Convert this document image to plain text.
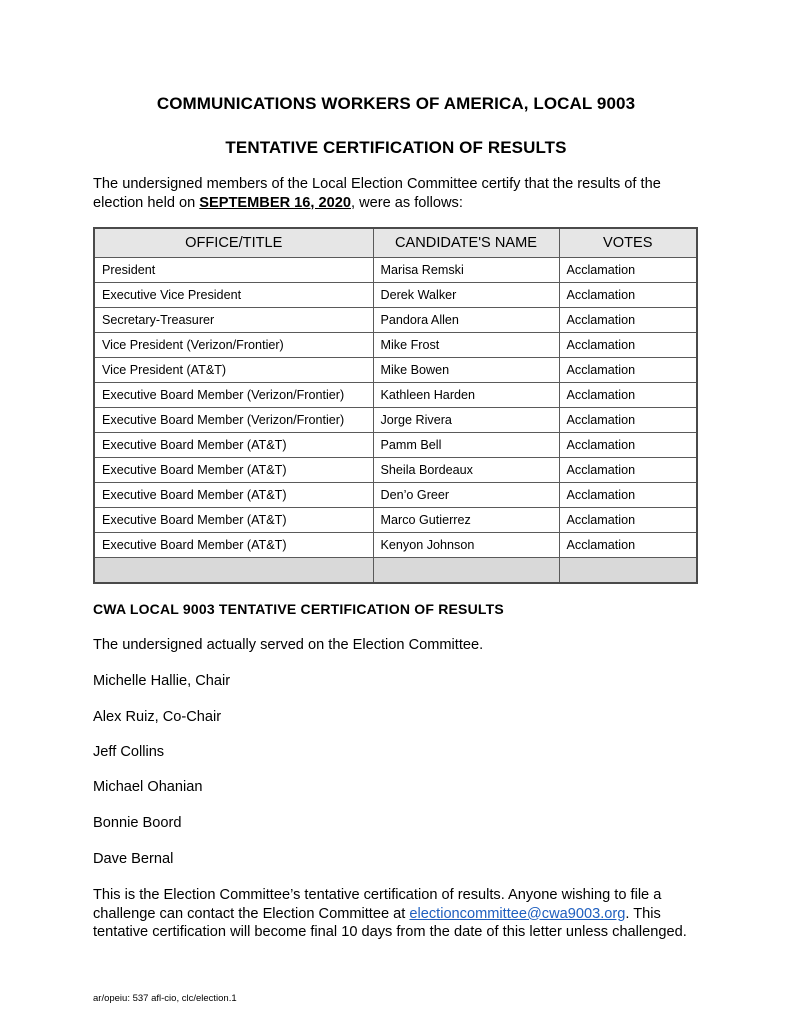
COMMUNICATIONS WORKERS OF AMERICA, LOCAL 9003
TENTATIVE CERTIFICATION OF RESULTS
The undersigned members of the Local Election Committee certify that the results of the election held on SEPTEMBER 16, 2020, were as follows:
OFFICE/TITLE	CANDIDATE'S NAME	VOTES
President	Marisa Remski	Acclamation
Executive Vice President	Derek Walker	Acclamation
Secretary-Treasurer	Pandora Allen	Acclamation
Vice President (Verizon/Frontier)	Mike Frost	Acclamation
Vice President (AT&T)	Mike Bowen	Acclamation
Executive Board Member (Verizon/Frontier)	Kathleen Harden	Acclamation
Executive Board Member (Verizon/Frontier)	Jorge Rivera	Acclamation
Executive Board Member (AT&T)	Pamm Bell	Acclamation
Executive Board Member (AT&T)	Sheila Bordeaux	Acclamation
Executive Board Member (AT&T)	Den’o Greer	Acclamation
Executive Board Member (AT&T)	Marco Gutierrez	Acclamation
Executive Board Member (AT&T)	Kenyon Johnson	Acclamation

CWA LOCAL 9003 TENTATIVE CERTIFICATION OF RESULTS
The undersigned actually served on the Election Committee.
Michelle Hallie, Chair
Alex Ruiz, Co-Chair
Jeff Collins
Michael Ohanian
Bonnie Boord
Dave Bernal
This is the Election Committee’s tentative certification of results. Anyone wishing to file a challenge can contact the Election Committee at electioncommittee@cwa9003.org. This tentative certification will become final 10 days from the date of this letter unless challenged.
ar/opeiu: 537 afl-cio, clc/election.1
